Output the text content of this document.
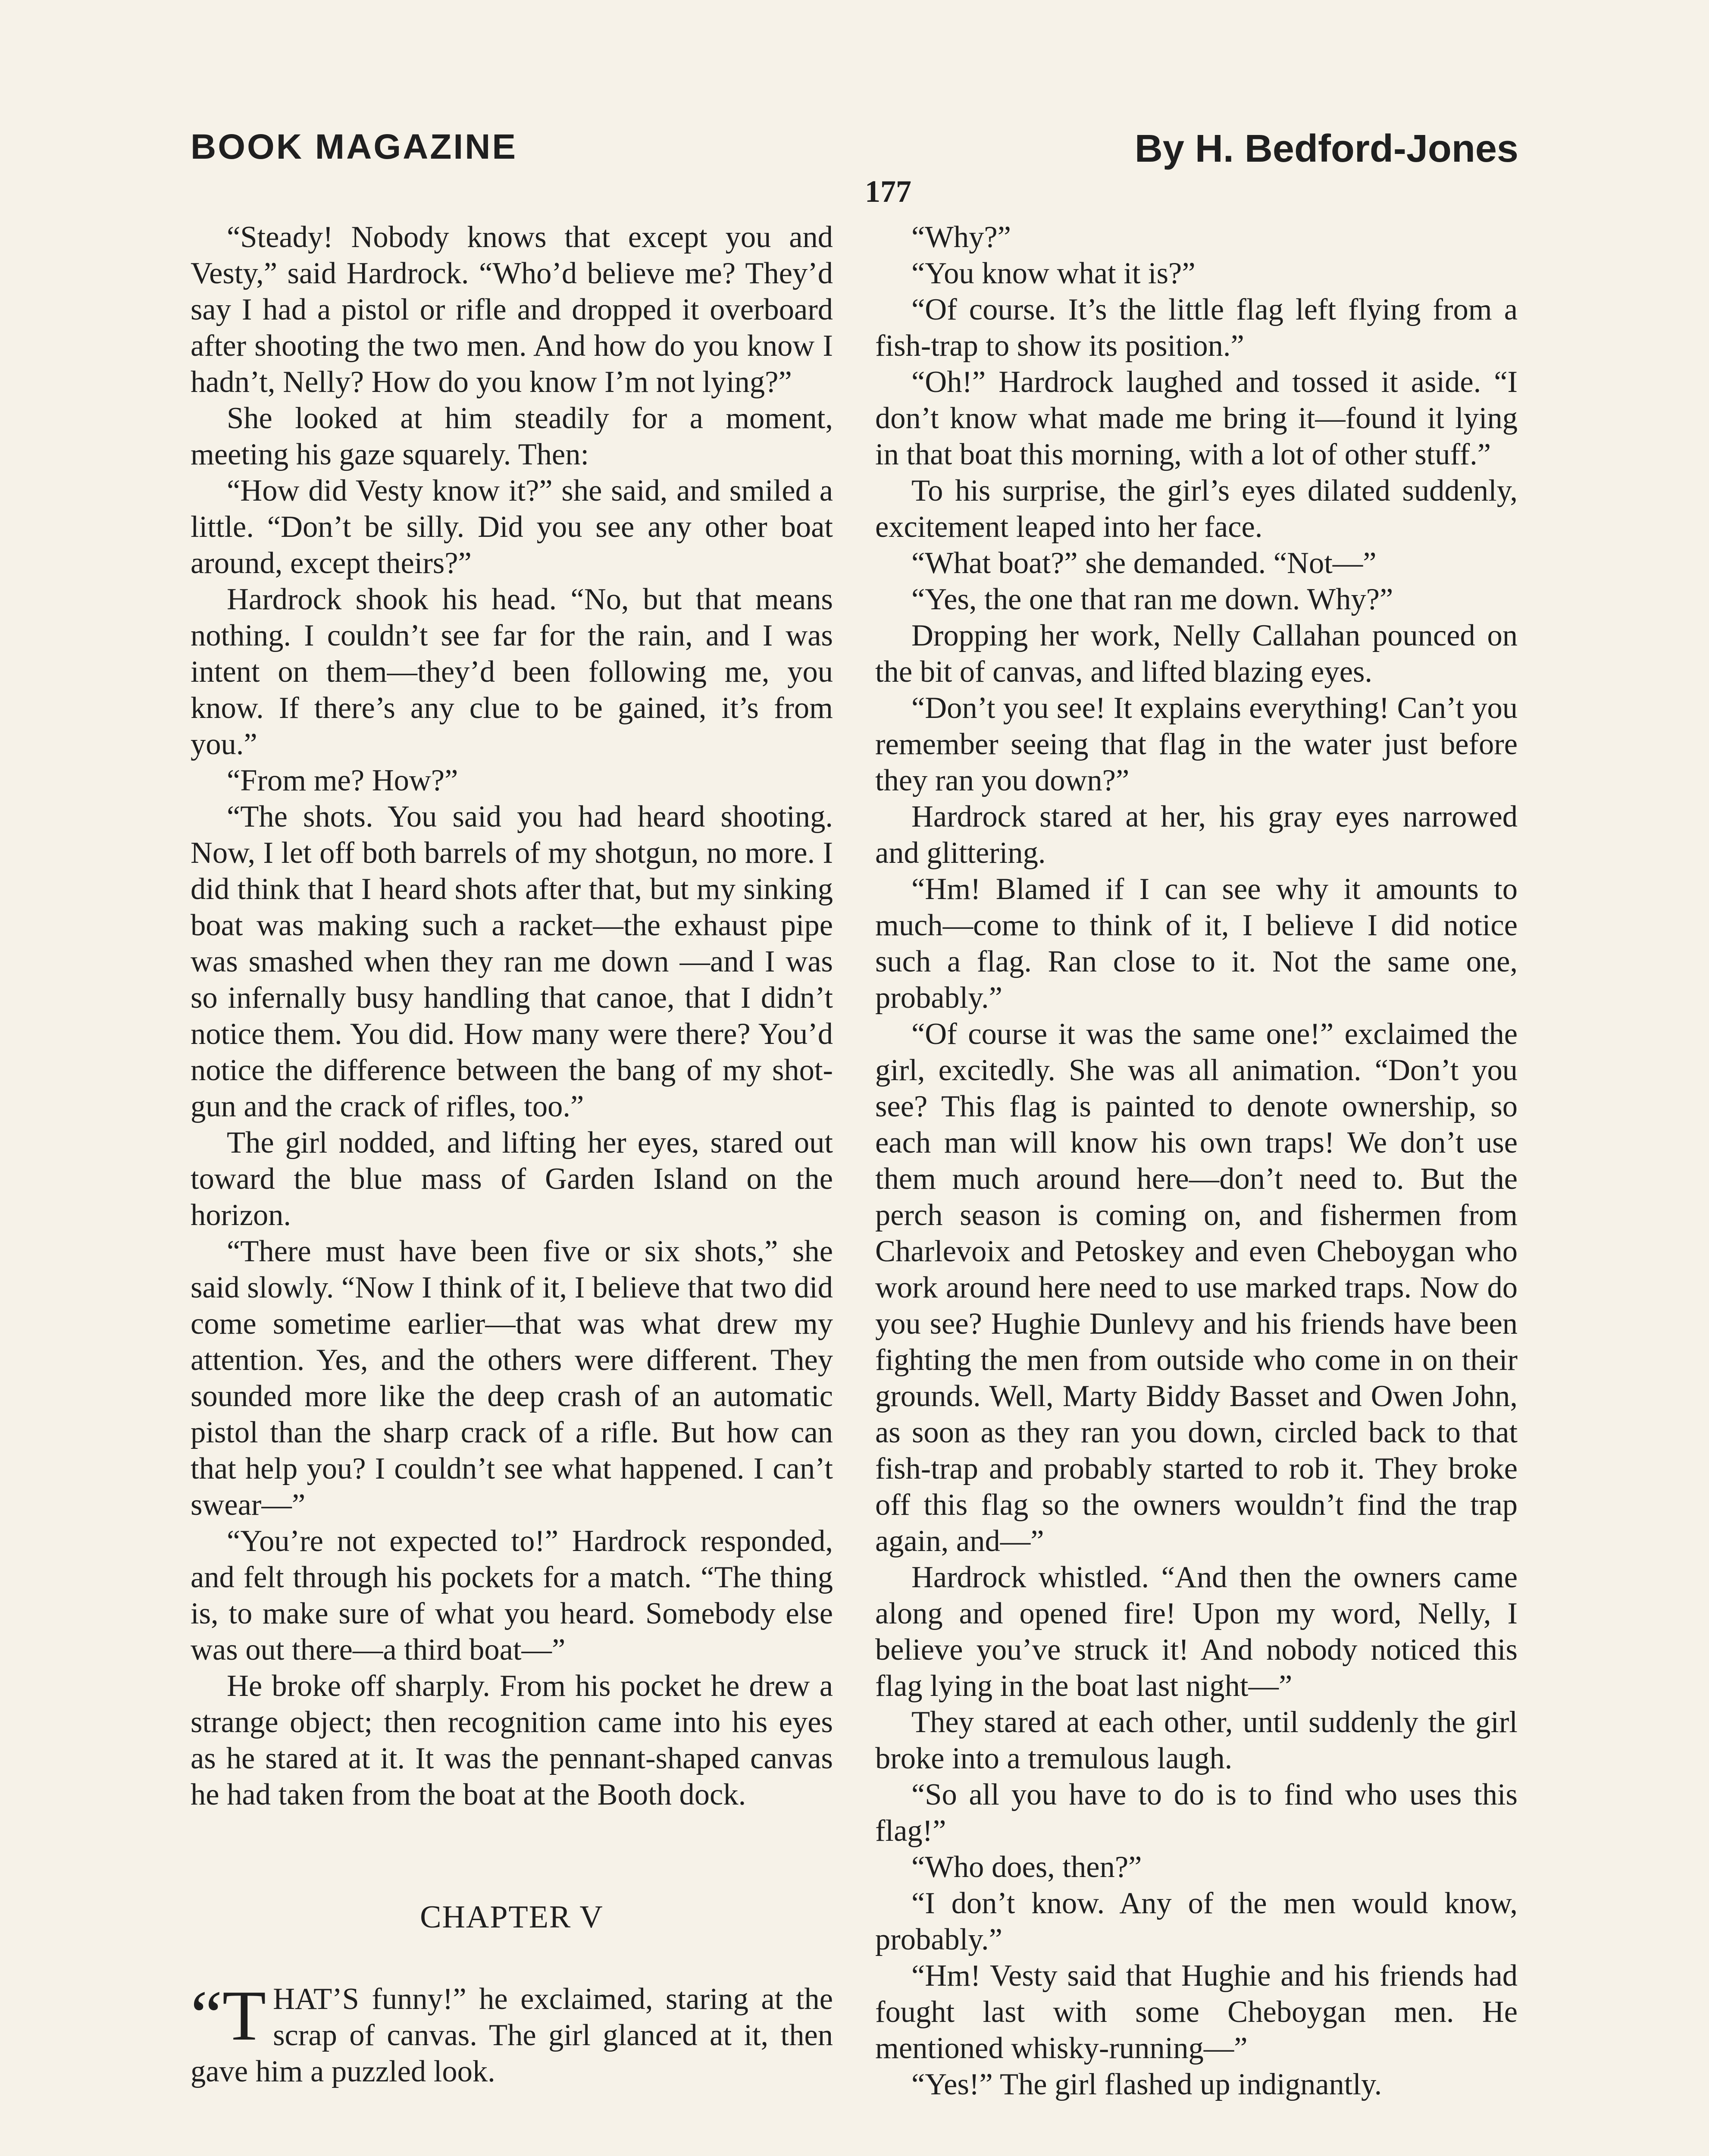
BOOK MAGAZINE	By H. Bedford-Jones
177

“Steady! Nobody knows that except you and Vesty,” said Hardrock. “Who’d believe me? They’d say I had a pistol or rifle and dropped it overboard after shooting the two men. And how do you know I hadn’t, Nelly? How do you know I’m not lying?”

She looked at him steadily for a moment, meeting his gaze squarely. Then:

“How did Vesty know it?” she said, and smiled a little. “Don’t be silly. Did you see any other boat around, except theirs?”

Hardrock shook his head. “No, but that means nothing. I couldn’t see far for the rain, and I was intent on them—they’d been following me, you know. If there’s any clue to be gained, it’s from you.”

“From me? How?”

“The shots. You said you had heard shooting. Now, I let off both barrels of my shotgun, no more. I did think that I heard shots after that, but my sinking boat was making such a racket—the exhaust pipe was smashed when they ran me down —and I was so infernally busy handling that canoe, that I didn’t notice them. You did. How many were there? You’d notice the difference between the bang of my shotgun and the crack of rifles, too.”

The girl nodded, and lifting her eyes, stared out toward the blue mass of Garden Island on the horizon.

“There must have been five or six shots,” she said slowly. “Now I think of it, I believe that two did come sometime earlier—that was what drew my attention. Yes, and the others were different. They sounded more like the deep crash of an automatic pistol than the sharp crack of a rifle. But how can that help you? I couldn’t see what happened. I can’t swear—”

“You’re not expected to!” Hardrock responded, and felt through his pockets for a match. “The thing is, to make sure of what you heard. Somebody else was out there—a third boat—”

He broke off sharply. From his pocket he drew a strange object; then recognition came into his eyes as he stared at it. It was the pennant-shaped canvas he had taken from the boat at the Booth dock.

CHAPTER V

“THAT’S funny!” he exclaimed, staring at the scrap of canvas. The girl glanced at it, then gave him a puzzled look.

“Why?”

“You know what it is?”

“Of course. It’s the little flag left flying from a fish-trap to show its position.”

“Oh!” Hardrock laughed and tossed it aside. “I don’t know what made me bring it—found it lying in that boat this morning, with a lot of other stuff.”

To his surprise, the girl’s eyes dilated suddenly, excitement leaped into her face.

“What boat?” she demanded. “Not—”

“Yes, the one that ran me down. Why?”

Dropping her work, Nelly Callahan pounced on the bit of canvas, and lifted blazing eyes.

“Don’t you see! It explains everything! Can’t you remember seeing that flag in the water just before they ran you down?”

Hardrock stared at her, his gray eyes narrowed and glittering.

“Hm! Blamed if I can see why it amounts to much—come to think of it, I believe I did notice such a flag. Ran close to it. Not the same one, probably.”

“Of course it was the same one!” exclaimed the girl, excitedly. She was all animation. “Don’t you see? This flag is painted to denote ownership, so each man will know his own traps! We don’t use them much around here—don’t need to. But the perch season is coming on, and fishermen from Charlevoix and Petoskey and even Cheboygan who work around here need to use marked traps. Now do you see? Hughie Dunlevy and his friends have been fighting the men from outside who come in on their grounds. Well, Marty Biddy Basset and Owen John, as soon as they ran you down, circled back to that fish-trap and probably started to rob it. They broke off this flag so the owners wouldn’t find the trap again, and—”

Hardrock whistled. “And then the owners came along and opened fire! Upon my word, Nelly, I believe you’ve struck it! And nobody noticed this flag lying in the boat last night—”

They stared at each other, until suddenly the girl broke into a tremulous laugh.

“So all you have to do is to find who uses this flag!”

“Who does, then?”

“I don’t know. Any of the men would know, probably.”

“Hm! Vesty said that Hughie and his friends had fought last with some Cheboygan men. He mentioned whisky-running—”

“Yes!” The girl flashed up indignantly.
